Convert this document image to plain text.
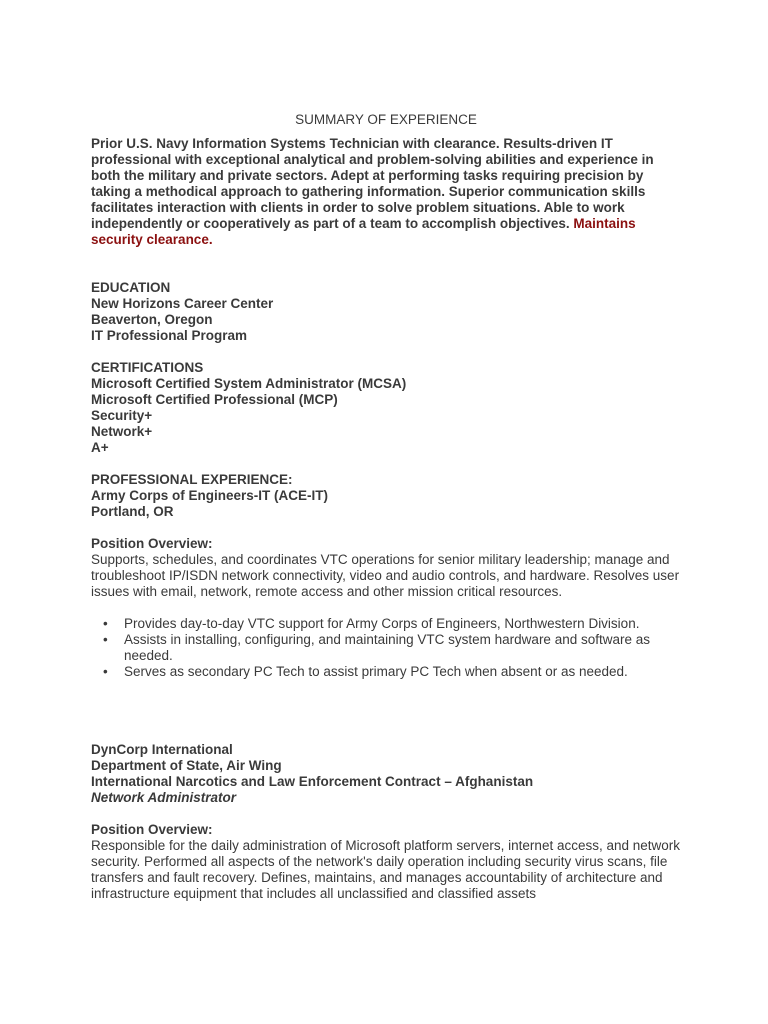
SUMMARY OF EXPERIENCE

Prior U.S. Navy Information Systems Technician with clearance. Results-driven IT professional with exceptional analytical and problem-solving abilities and experience in both the military and private sectors. Adept at performing tasks requiring precision by taking a methodical approach to gathering information. Superior communication skills facilitates interaction with clients in order to solve problem situations. Able to work independently or cooperatively as part of a team to accomplish objectives. Maintains security clearance.

EDUCATION

New Horizons Career Center

Beaverton, Oregon

IT Professional Program

CERTIFICATIONS

Microsoft Certified System Administrator (MCSA)

Microsoft Certified Professional (MCP)

Security+

Network+

A+

PROFESSIONAL EXPERIENCE:

Army Corps of Engineers-IT (ACE-IT)

Portland, OR

Position Overview:

Supports, schedules, and coordinates VTC operations for senior military leadership; manage and troubleshoot IP/ISDN network connectivity, video and audio controls, and hardware. Resolves user issues with email, network, remote access and other mission critical resources.

• Provides day-to-day VTC support for Army Corps of Engineers, Northwestern Division.
• Assists in installing, configuring, and maintaining VTC system hardware and software as needed.
• Serves as secondary PC Tech to assist primary PC Tech when absent or as needed.

DynCorp International

Department of State, Air Wing

International Narcotics and Law Enforcement Contract – Afghanistan

Network Administrator

Position Overview:

Responsible for the daily administration of Microsoft platform servers, internet access, and network security. Performed all aspects of the network's daily operation including security virus scans, file transfers and fault recovery. Defines, maintains, and manages accountability of architecture and infrastructure equipment that includes all unclassified and classified assets
